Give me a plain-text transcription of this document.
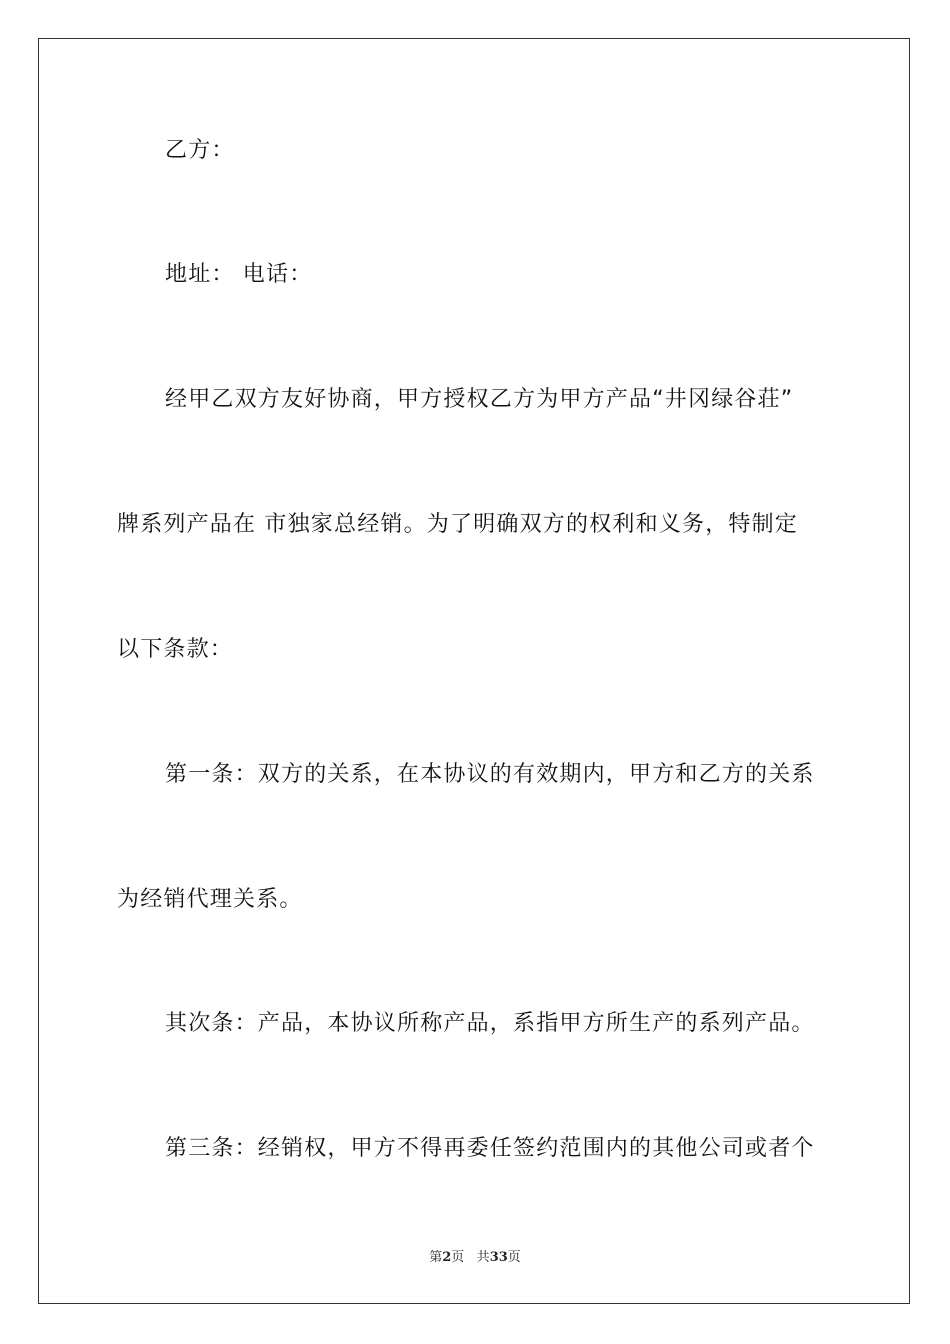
乙方：
地址： 电话：
经甲乙双方友好协商，甲方授权乙方为甲方产品“井冈绿谷荘”
牌系列产品在 市独家总经销。为了明确双方的权利和义务，特制定
以下条款：
第一条：双方的关系，在本协议的有效期内，甲方和乙方的关系
为经销代理关系。
其次条：产品，本协议所称产品，系指甲方所生产的系列产品。
第三条：经销权，甲方不得再委任签约范围内的其他公司或者个
第2页 共33页
